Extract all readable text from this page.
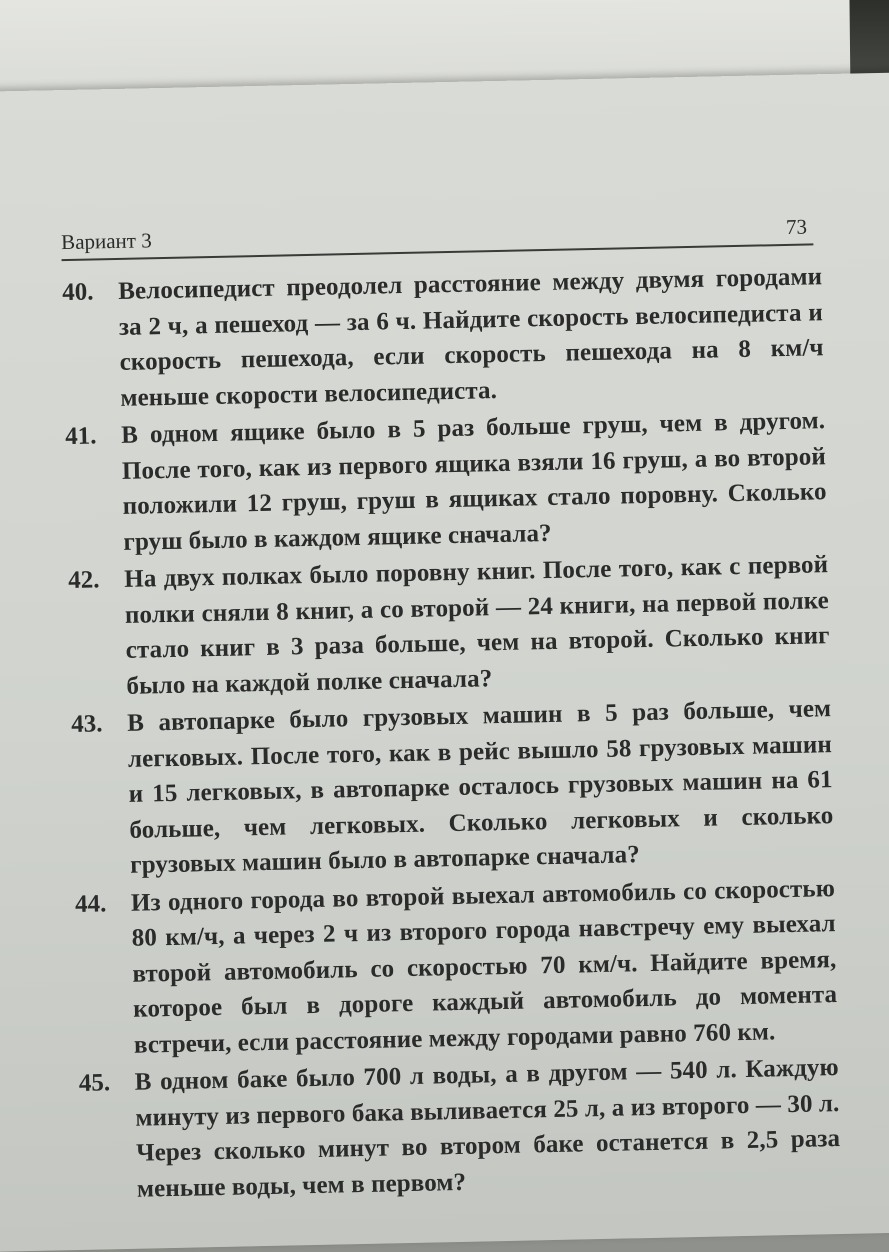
Вариант 3
73
40. Велосипедист преодолел расстояние между двумя городами за 2 ч, а пешеход — за 6 ч. Найдите скорость велосипедиста и скорость пешехода, если скорость пешехода на 8 км/ч меньше скорости велосипедиста.
41. В одном ящике было в 5 раз больше груш, чем в другом. После того, как из первого ящика взяли 16 груш, а во второй положили 12 груш, груш в ящиках стало поровну. Сколько груш было в каждом ящике сначала?
42. На двух полках было поровну книг. После того, как с первой полки сняли 8 книг, а со второй — 24 книги, на первой полке стало книг в 3 раза больше, чем на второй. Сколько книг было на каждой полке сначала?
43. В автопарке было грузовых машин в 5 раз больше, чем легковых. После того, как в рейс вышло 58 грузовых машин и 15 легковых, в автопарке осталось грузовых машин на 61 больше, чем легковых. Сколько легковых и сколько грузовых машин было в автопарке сначала?
44. Из одного города во второй выехал автомобиль со скоростью 80 км/ч, а через 2 ч из второго города навстречу ему выехал второй автомобиль со скоростью 70 км/ч. Найдите время, которое был в дороге каждый автомобиль до момента встречи, если расстояние между городами равно 760 км.
45. В одном баке было 700 л воды, а в другом — 540 л. Каждую минуту из первого бака выливается 25 л, а из второго — 30 л. Через сколько минут во втором баке останется в 2,5 раза меньше воды, чем в первом?
